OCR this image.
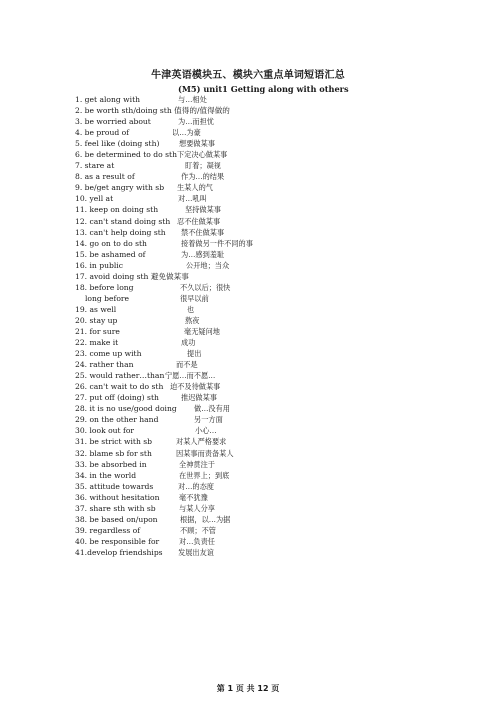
牛津英语模块五、模块六重点单词短语汇总
(M5) unit1 Getting along with others
1. get along with	与…相处
2. be worth sth/doing sth 值得的/值得做的
3. be worried about	为…而担忧
4. be proud of	以…为豪
5. feel like (doing sth)	想要做某事
6. be determined to do sth 下定决心做某事
7. stare at	盯着；凝视
8. as a result of	作为…的结果
9. be/get angry with sb 生某人的气
10. yell at	对…吼叫
11. keep on doing sth	坚持做某事
12. can't stand doing sth 忍不住做某事
13. can't help doing sth 禁不住做某事
14. go on to do sth	接着做另一件不同的事
15. be ashamed of	为…感到羞耻
16. in public	公开地；当众
17. avoid doing sth 避免做某事
18. before long	不久以后；很快
long before	很早以前
19. as well	也
20. stay up	熬夜
21. for sure	毫无疑问地
22. make it	成功
23. come up with	提出
24. rather than	而不是
25. would rather…than 宁愿…而不愿…
26. can't wait to do sth 迫不及待做某事
27. put off (doing) sth	推迟做某事
28. it is no use/good doing 做…没有用
29. on the other hand	另一方面
30. look out for	小心…
31. be strict with sb	对某人严格要求
32. blame sb for sth	因某事而责备某人
33. be absorbed in	全神贯注于
34. in the world	在世界上；到底
35. attitude towards	对…的态度
36. without hesitation	毫不犹豫
37. share sth with sb	与某人分享
38. be based on/upon	根据，以…为据
39. regardless of	不顾；不管
40. be responsible for	对…负责任
41.develop friendships 发展出友谊
第 1 页 共 12 页
